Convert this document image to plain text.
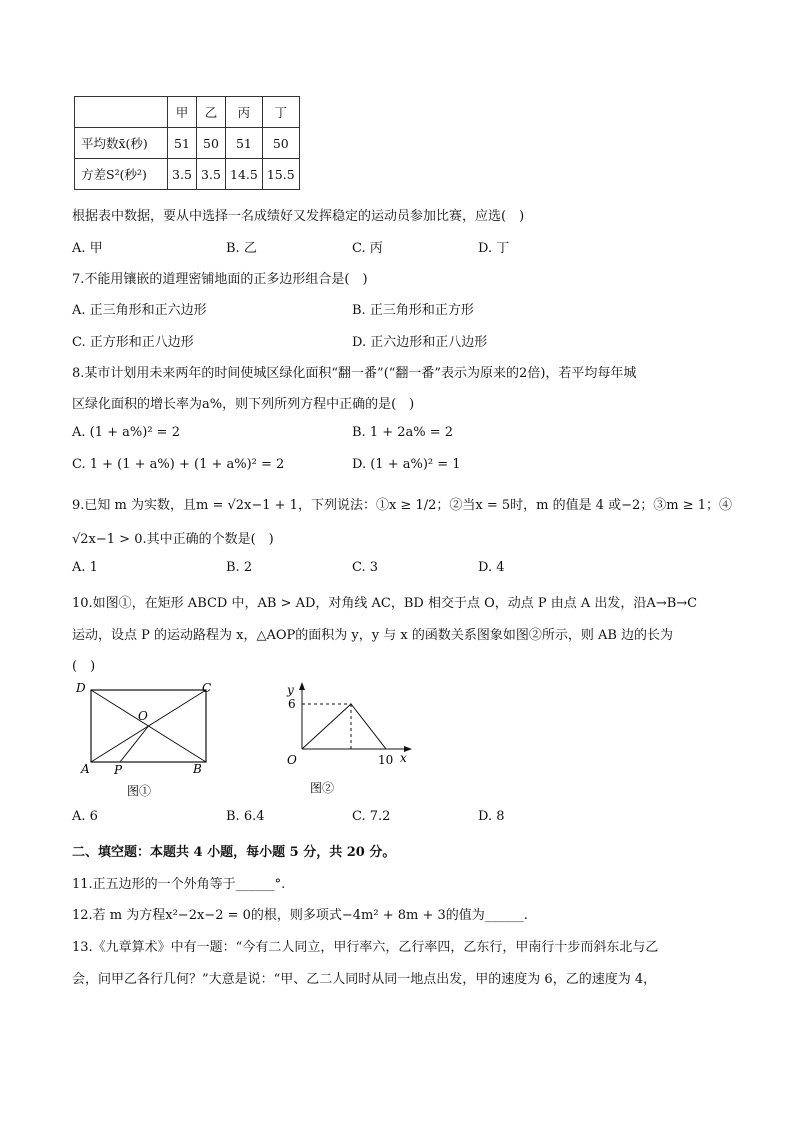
	甲	乙	丙	丁
平均数x̄(秒)	51	50	51	50
方差S²(秒²)	3.5	3.5	14.5	15.5
根据表中数据，要从中选择一名成绩好又发挥稳定的运动员参加比赛，应选(　)
A. 甲	B. 乙	C. 丙	D. 丁
7.不能用镶嵌的道理密铺地面的正多边形组合是(　)
A. 正三角形和正六边形	B. 正三角形和正方形
C. 正方形和正八边形	D. 正六边形和正八边形
8.某市计划用未来两年的时间使城区绿化面积“翻一番”(“翻一番”表示为原来的2倍)，若平均每年城
区绿化面积的增长率为a%，则下列所列方程中正确的是(　)
A. (1 + a%)² = 2	B. 1 + 2a% = 2
C. 1 + (1 + a%) + (1 + a%)² = 2	D. (1 + a%)² = 1
9.已知 m 为实数，且m = √2x−1 + 1，下列说法：①x ≥ 1/2；②当x = 5时，m 的值是 4 或−2；③m ≥ 1；④
√2x−1 > 0.其中正确的个数是(　)
A. 1	B. 2	C. 3	D. 4
10.如图①，在矩形 ABCD 中，AB > AD，对角线 AC，BD 相交于点 O，动点 P 由点 A 出发，沿A→B→C
运动，设点 P 的运动路程为 x，△AOP的面积为 y，y 与 x 的函数关系图象如图②所示，则 AB 边的长为
(　)
D	C
O
A P	B
图①
y
6
O	10 x
图②
A. 6	B. 6.4	C. 7.2	D. 8
二、填空题：本题共 4 小题，每小题 5 分，共 20 分。
11.正五边形的一个外角等于______°.
12.若 m 为方程x²−2x−2 = 0的根，则多项式−4m² + 8m + 3的值为______.
13.《九章算术》中有一题：“今有二人同立，甲行率六，乙行率四，乙东行，甲南行十步而斜东北与乙
会，问甲乙各行几何？”大意是说：“甲、乙二人同时从同一地点出发，甲的速度为 6，乙的速度为 4，
